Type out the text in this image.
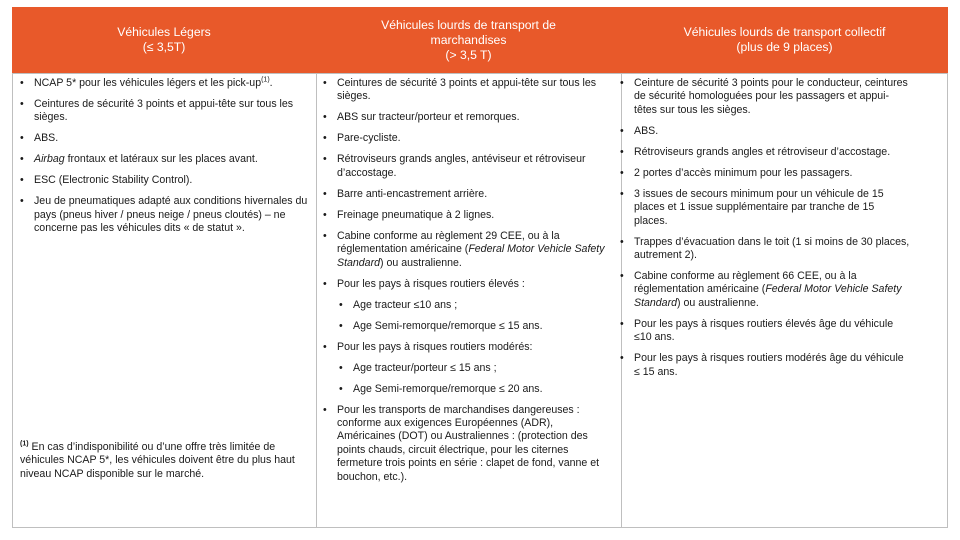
Véhicules Légers
(≤ 3,5T)
Véhicules lourds de transport de
marchandises
(> 3,5 T)
Véhicules lourds de transport collectif
(plus de 9 places)
• NCAP 5* pour les véhicules légers et les pick-$up^{(1)}$.
• Ceintures de sécurité 3 points et appui-tête sur tous les sièges.
• ABS.
• Airbag frontaux et latéraux sur les places avant.
• ESC (Electronic Stability Control).
• Jeu de pneumatiques adapté aux conditions hivernales du pays (pneus hiver / pneus neige / pneus cloutés) – ne concerne pas les véhicules dits « de statut ».
$^{(1)}$ En cas d’indisponibilité ou d’une offre très limitée de véhicules NCAP 5*, les véhicules doivent être du plus haut niveau NCAP disponible sur le marché.
• Ceintures de sécurité 3 points et appui-tête sur tous les sièges.
• ABS sur tracteur/porteur et remorques.
• Pare-cycliste.
• Rétroviseurs grands angles, antéviseur et rétroviseur d’accostage.
• Barre anti-encastrement arrière.
• Freinage pneumatique à 2 lignes.
• Cabine conforme au règlement 29 CEE, ou à la réglementation américaine (Federal Motor Vehicle Safety Standard) ou australienne.
• Pour les pays à risques routiers élevés :
• Age tracteur ≤10 ans ;
• Age Semi-remorque/remorque ≤ 15 ans.
• Pour les pays à risques routiers modérés:
• Age tracteur/porteur ≤ 15 ans ;
• Age Semi-remorque/remorque ≤ 20 ans.
• Pour les transports de marchandises dangereuses : conforme aux exigences Européennes (ADR), Américaines (DOT) ou Australiennes : (protection des points chauds, circuit électrique, pour les citernes fermeture trois points en série : clapet de fond, vanne et bouchon, etc.).
• Ceinture de sécurité 3 points pour le conducteur, ceintures de sécurité homologuées pour les passagers et appui-têtes sur tous les sièges.
• ABS.
• Rétroviseurs grands angles et rétroviseur d’accostage.
• 2 portes d’accès minimum pour les passagers.
• 3 issues de secours minimum pour un véhicule de 15 places et 1 issue supplémentaire par tranche de 15 places.
• Trappes d’évacuation dans le toit (1 si moins de 30 places, autrement 2).
• Cabine conforme au règlement 66 CEE, ou à la réglementation américaine (Federal Motor Vehicle Safety Standard) ou australienne.
• Pour les pays à risques routiers élevés âge du véhicule ≤10 ans.
• Pour les pays à risques routiers modérés âge du véhicule ≤ 15 ans.
